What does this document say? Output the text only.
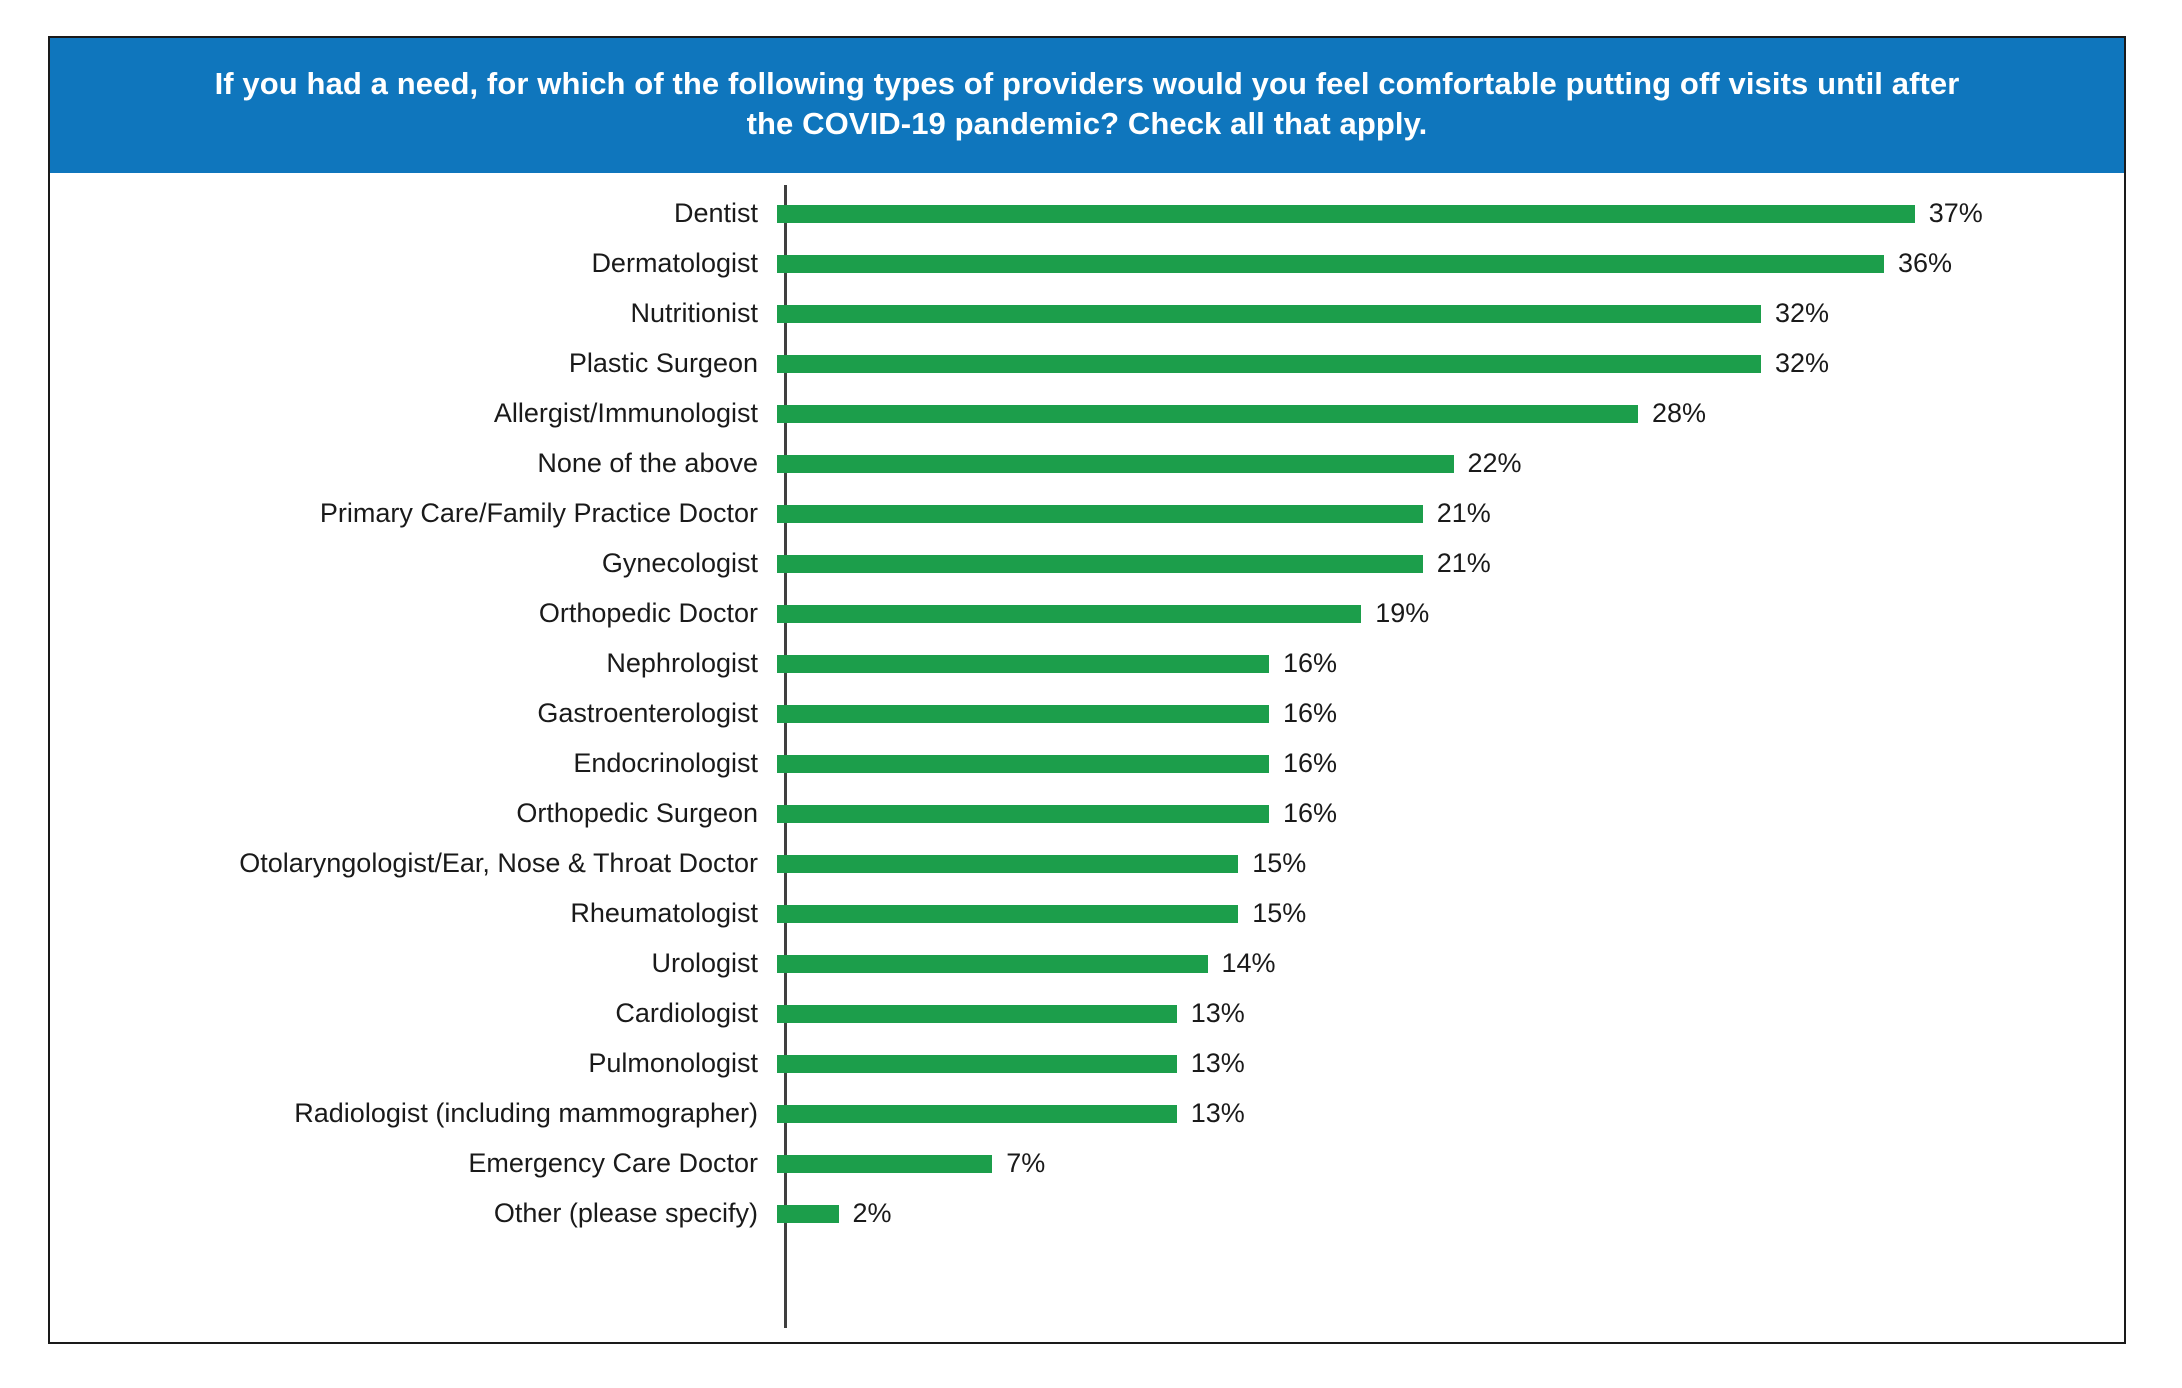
If you had a need, for which of the following types of providers would you feel comfortable putting off visits until after the COVID-19 pandemic? Check all that apply.
Dentist	37%
Dermatologist	36%
Nutritionist	32%
Plastic Surgeon	32%
Allergist/Immunologist	28%
None of the above	22%
Primary Care/Family Practice Doctor	21%
Gynecologist	21%
Orthopedic Doctor	19%
Nephrologist	16%
Gastroenterologist	16%
Endocrinologist	16%
Orthopedic Surgeon	16%
Otolaryngologist/Ear, Nose & Throat Doctor	15%
Rheumatologist	15%
Urologist	14%
Cardiologist	13%
Pulmonologist	13%
Radiologist (including mammographer)	13%
Emergency Care Doctor	7%
Other (please specify)	2%
